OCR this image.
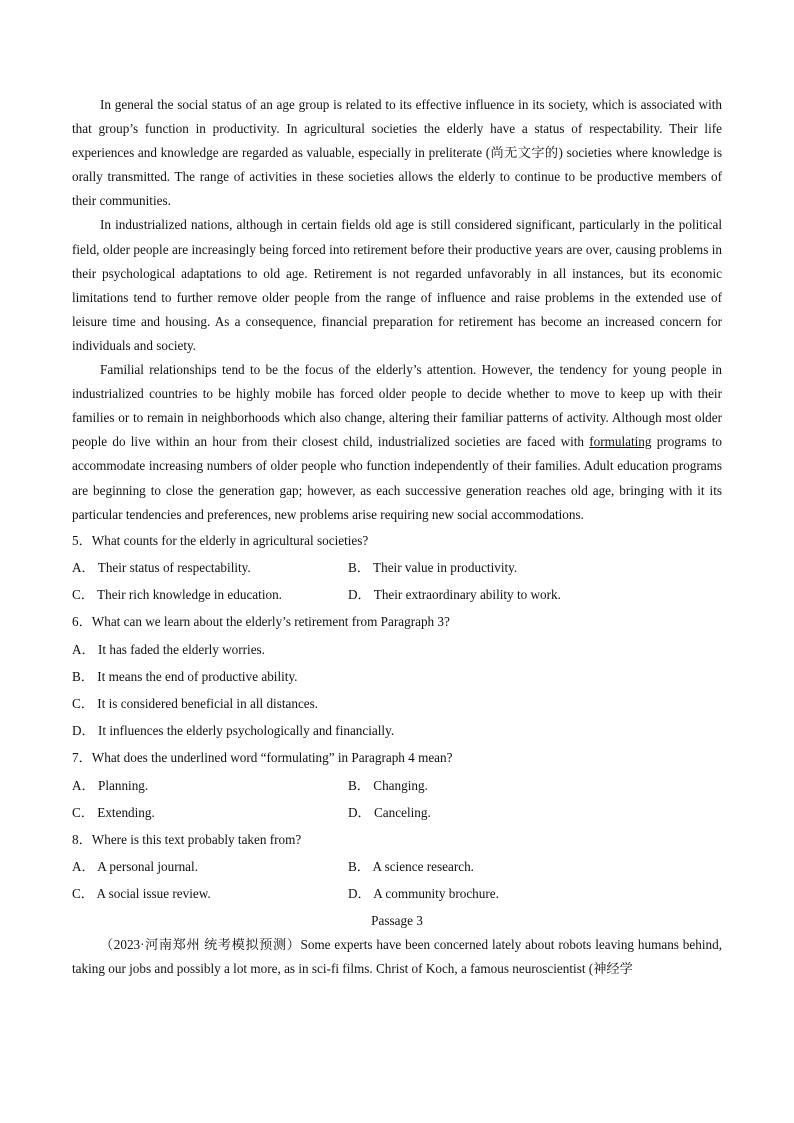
In general the social status of an age group is related to its effective influence in its society, which is associated with that group’s function in productivity. In agricultural societies the elderly have a status of respectability. Their life experiences and knowledge are regarded as valuable, especially in preliterate (尚无文字的) societies where knowledge is orally transmitted. The range of activities in these societies allows the elderly to continue to be productive members of their communities.

In industrialized nations, although in certain fields old age is still considered significant, particularly in the political field, older people are increasingly being forced into retirement before their productive years are over, causing problems in their psychological adaptations to old age. Retirement is not regarded unfavorably in all instances, but its economic limitations tend to further remove older people from the range of influence and raise problems in the extended use of leisure time and housing. As a consequence, financial preparation for retirement has become an increased concern for individuals and society.

Familial relationships tend to be the focus of the elderly’s attention. However, the tendency for young people in industrialized countries to be highly mobile has forced older people to decide whether to move to keep up with their families or to remain in neighborhoods which also change, altering their familiar patterns of activity. Although most older people do live within an hour from their closest child, industrialized societies are faced with formulating programs to accommodate increasing numbers of older people who function independently of their families. Adult education programs are beginning to close the generation gap; however, as each successive generation reaches old age, bringing with it its particular tendencies and preferences, new problems arise requiring new social accommodations.

5．What counts for the elderly in agricultural societies?

A． Their status of respectability.	B． Their value in productivity.
C． Their rich knowledge in education.	D． Their extraordinary ability to work.

6．What can we learn about the elderly’s retirement from Paragraph 3?

A． It has faded the elderly worries.
B． It means the end of productive ability.
C． It is considered beneficial in all distances.
D． It influences the elderly psychologically and financially.

7．What does the underlined word “formulating” in Paragraph 4 mean?

A． Planning.	B． Changing.
C． Extending.	D． Canceling.

8．Where is this text probably taken from?

A． A personal journal.	B． A science research.
C． A social issue review.	D． A community brochure.
Passage 3

（2023·河南郑州 统考模拟预测）Some experts have been concerned lately about robots leaving humans behind, taking our jobs and possibly a lot more, as in sci-fi films. Christ of Koch, a famous neuroscientist (神经学
